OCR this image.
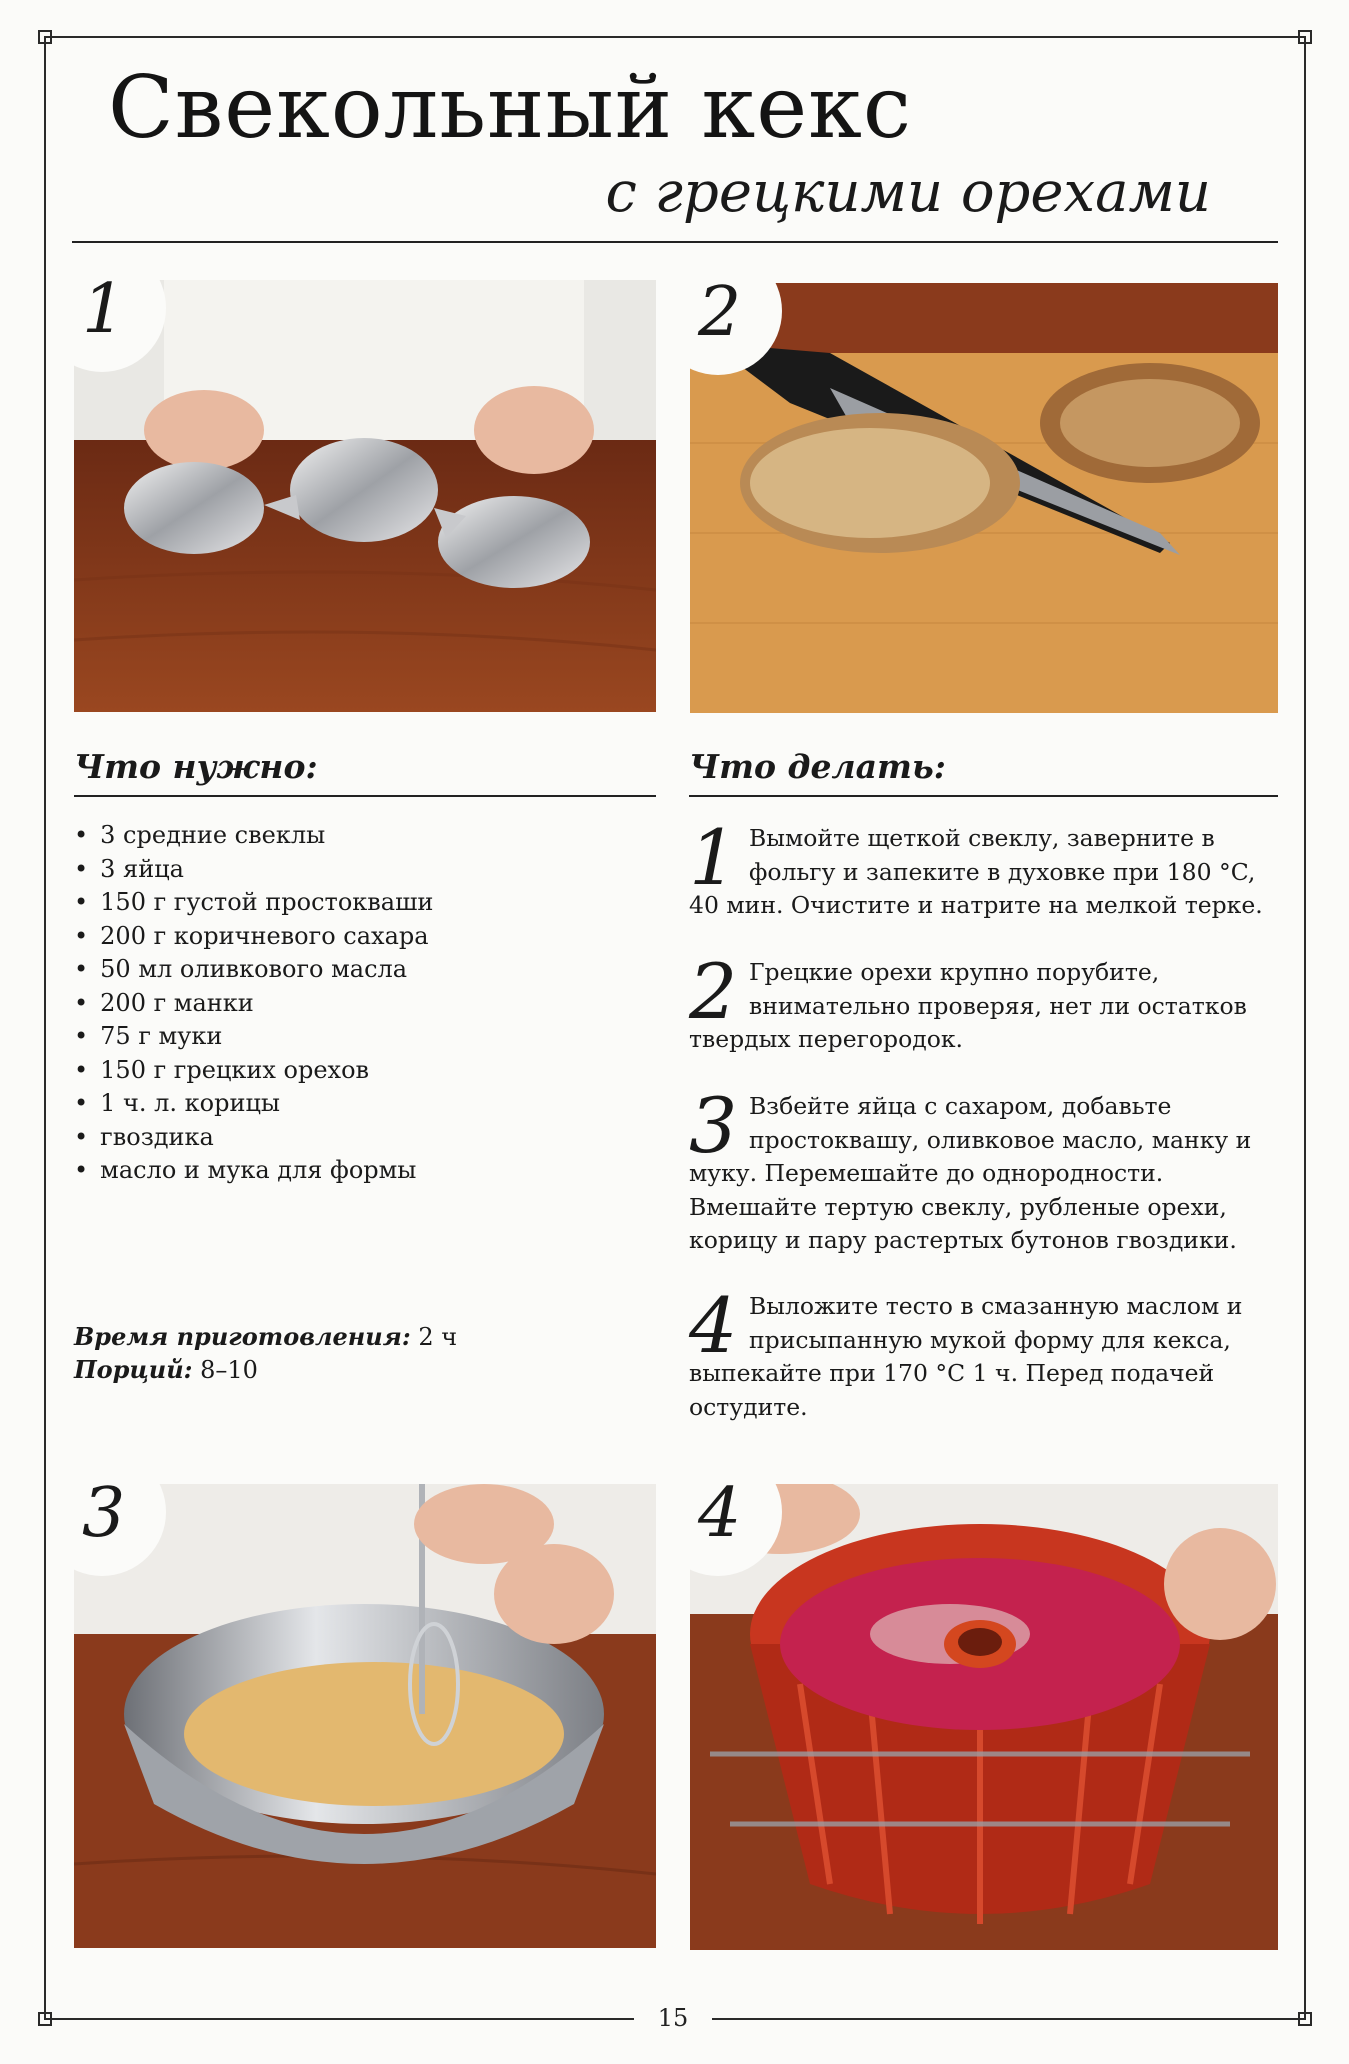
Свекольный кекс
с грецкими орехами
1	2
Что нужно:
• 3 средние свеклы
• 3 яйца
• 150 г густой простокваши
• 200 г коричневого сахара
• 50 мл оливкового масла
• 200 г манки
• 75 г муки
• 150 г грецких орехов
• 1 ч. л. корицы
• гвоздика
• масло и мука для формы
Время приготовления: 2 ч
Порций: 8–10
Что делать:
1 Вымойте щеткой свеклу, заверните в фольгу и запеките в духовке при 180 °C, 40 мин. Очистите и натрите на мелкой терке.
2 Грецкие орехи крупно порубите, внимательно проверяя, нет ли остатков твердых перегородок.
3 Взбейте яйца с сахаром, добавьте простоквашу, оливковое масло, манку и муку. Перемешайте до однородности. Вмешайте тертую свеклу, рубленые орехи, корицу и пару растертых бутонов гвоздики.
4 Выложите тесто в смазанную маслом и присыпанную мукой форму для кекса, выпекайте при 170 °C 1 ч. Перед подачей остудите.
3	4
15
